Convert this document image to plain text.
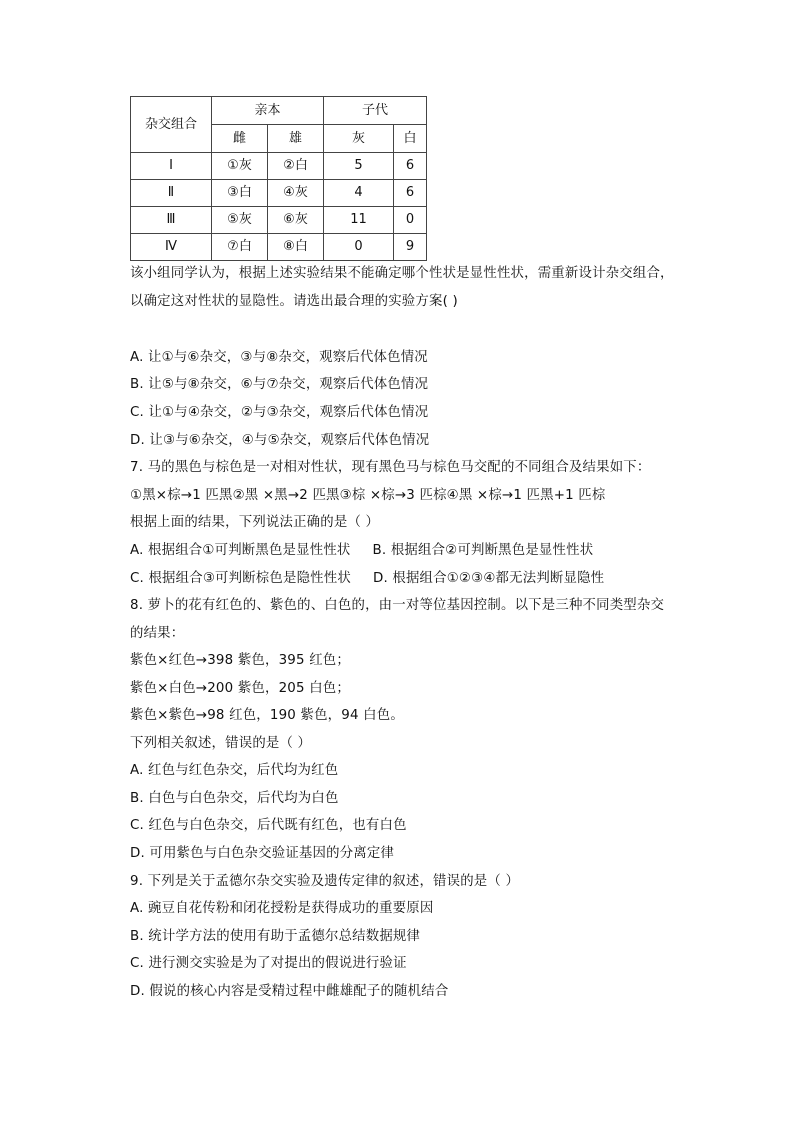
杂交组合	亲本		子代	
	雌	雄	灰	白
Ⅰ	①灰	②白	5	6
Ⅱ	③白	④灰	4	6
Ⅲ	⑤灰	⑥灰	11	0
Ⅳ	⑦白	⑧白	0	9
该小组同学认为，根据上述实验结果不能确定哪个性状是显性性状，需重新设计杂交组合，
以确定这对性状的显隐性。请选出最合理的实验方案( )
A. 让①与⑥杂交，③与⑧杂交，观察后代体色情况
B. 让⑤与⑧杂交，⑥与⑦杂交，观察后代体色情况
C. 让①与④杂交，②与③杂交，观察后代体色情况
D. 让③与⑥杂交，④与⑤杂交，观察后代体色情况
7. 马的黑色与棕色是一对相对性状，现有黑色马与棕色马交配的不同组合及结果如下：
①黑×棕→1 匹黑②黑 ×黑→2 匹黑③棕 ×棕→3 匹棕④黑 ×棕→1 匹黑+1 匹棕
根据上面的结果，下列说法正确的是（ ）
A. 根据组合①可判断黑色是显性性状 B. 根据组合②可判断黑色是显性性状
C. 根据组合③可判断棕色是隐性性状 D. 根据组合①②③④都无法判断显隐性
8. 萝卜的花有红色的、紫色的、白色的，由一对等位基因控制。以下是三种不同类型杂交
的结果：
紫色×红色→398 紫色，395 红色；
紫色×白色→200 紫色，205 白色；
紫色×紫色→98 红色，190 紫色，94 白色。
下列相关叙述，错误的是（ ）
A. 红色与红色杂交，后代均为红色
B. 白色与白色杂交，后代均为白色
C. 红色与白色杂交，后代既有红色，也有白色
D. 可用紫色与白色杂交验证基因的分离定律
9. 下列是关于孟德尔杂交实验及遗传定律的叙述，错误的是（ ）
A. 豌豆自花传粉和闭花授粉是获得成功的重要原因
B. 统计学方法的使用有助于孟德尔总结数据规律
C. 进行测交实验是为了对提出的假说进行验证
D. 假说的核心内容是受精过程中雌雄配子的随机结合
